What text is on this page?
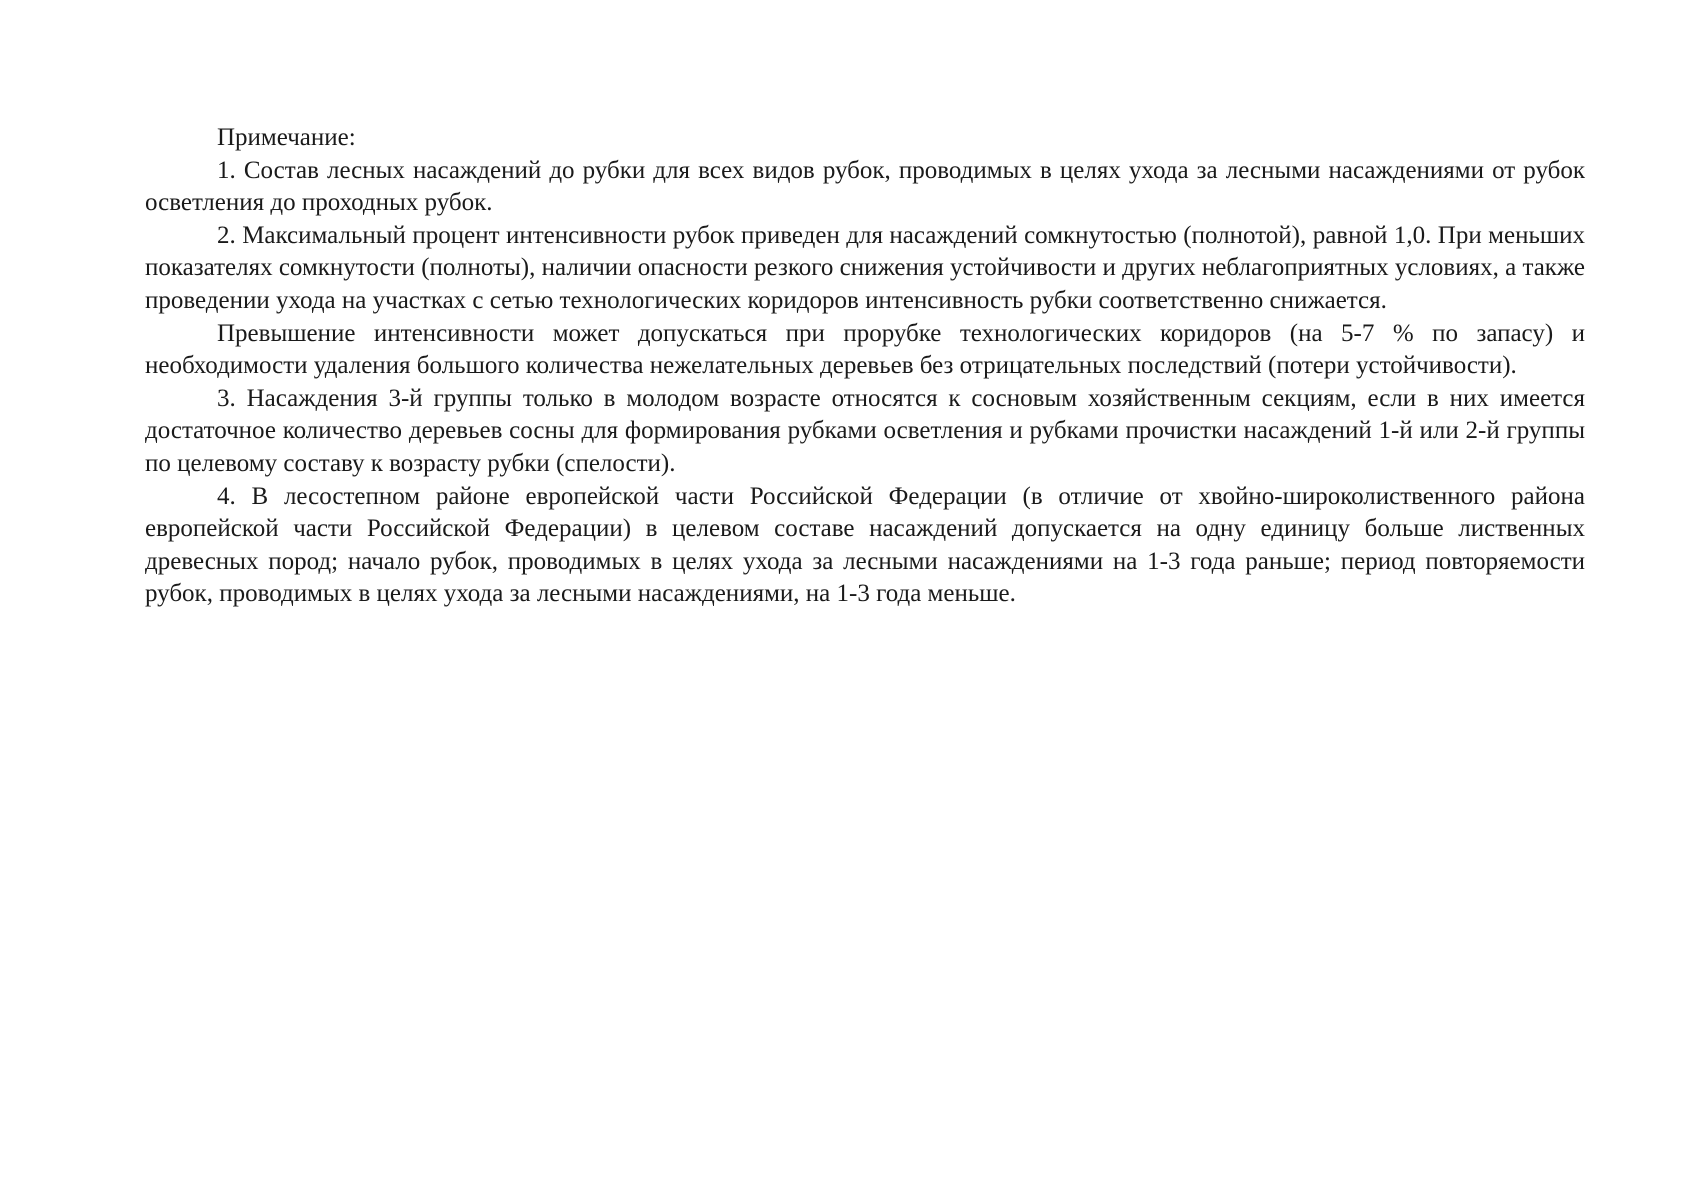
Примечание:

1. Состав лесных насаждений до рубки для всех видов рубок, проводимых в целях ухода за лесными насаждениями от рубок осветления до проходных рубок.

2. Максимальный процент интенсивности рубок приведен для насаждений сомкнутостью (полнотой), равной 1,0. При меньших показателях сомкнутости (полноты), наличии опасности резкого снижения устойчивости и других неблагоприятных условиях, а также проведении ухода на участках с сетью технологических коридоров интенсивность рубки соответственно снижается.

Превышение интенсивности может допускаться при прорубке технологических коридоров (на 5-7 % по запасу) и необходимости удаления большого количества нежелательных деревьев без отрицательных последствий (потери устойчивости).

3. Насаждения 3-й группы только в молодом возрасте относятся к сосновым хозяйственным секциям, если в них имеется достаточное количество деревьев сосны для формирования рубками осветления и рубками прочистки насаждений 1-й или 2-й группы по целевому составу к возрасту рубки (спелости).

4. В лесостепном районе европейской части Российской Федерации (в отличие от хвойно-широколиственного района европейской части Российской Федерации) в целевом составе насаждений допускается на одну единицу больше лиственных древесных пород; начало рубок, проводимых в целях ухода за лесными насаждениями на 1-3 года раньше; период повторяемости рубок, проводимых в целях ухода за лесными насаждениями, на 1-3 года меньше.
